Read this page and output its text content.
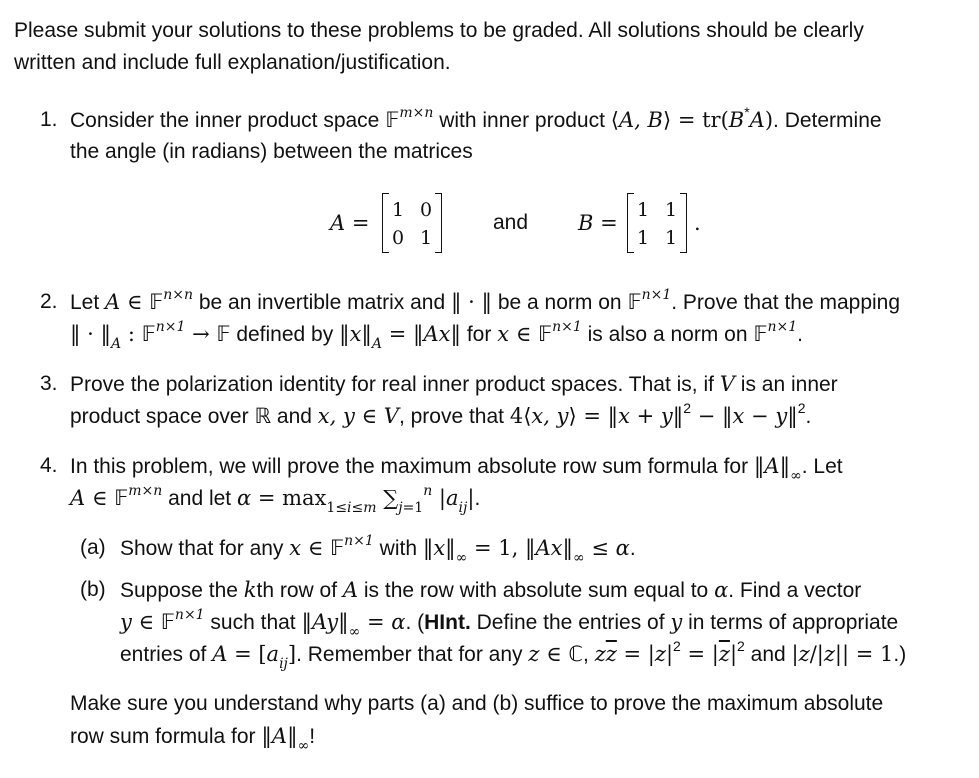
Please submit your solutions to these problems to be graded. All solutions should be clearly
written and include full explanation/justification.
1. Consider the inner product space 𝔽$^{m\times n}$ with inner product ⟨A, B⟩ = tr(B*A). Determine
the angle (in radians) between the matrices
A =
1 0
0 1
and B =
1 1
1 1
.
2. Let A ∈ 𝔽$^{n\times n}$ be an invertible matrix and ‖ · ‖ be a norm on 𝔽$^{n\times 1}$. Prove that the mapping
‖ · $‖_A$ : 𝔽$^{n\times 1}$ → 𝔽 defined by $‖x‖_A$ = ‖Ax‖ for x ∈ 𝔽$^{n\times 1}$ is also a norm on 𝔽$^{n\times 1}$.
3. Prove the polarization identity for real inner product spaces. That is, if V is an inner
product space over ℝ and x, y ∈ V, prove that 4⟨x, y⟩ = ‖x + y‖$^2$ − ‖x − y‖$^2$.
4. In this problem, we will prove the maximum absolute row sum formula for $‖A‖_\infty$. Let
A ∈ 𝔽$^{m\times n}$ and let $\alpha = \max_{1\le i\le m} \sum_{j=1}^n$ $|a_{ij}|$.
(a) Show that for any x ∈ 𝔽$^{n\times 1}$ with $‖x‖_\infty = 1$, $‖Ax‖_\infty \le \alpha$.
(b) Suppose the kth row of A is the row with absolute sum equal to α. Find a vector
y ∈ 𝔽$^{n\times 1}$ such that $‖Ay‖_\infty = \alpha$. (HInt. Define the entries of y in terms of appropriate
entries of $A = [a_{ij}]$. Remember that for any z ∈ ℂ, $z\overline{z} = |z|^2 = |\overline{z}|^2$ and |z/|z|| = 1.)
Make sure you understand why parts (a) and (b) suffice to prove the maximum absolute
row sum formula for $‖A‖_\infty$!
